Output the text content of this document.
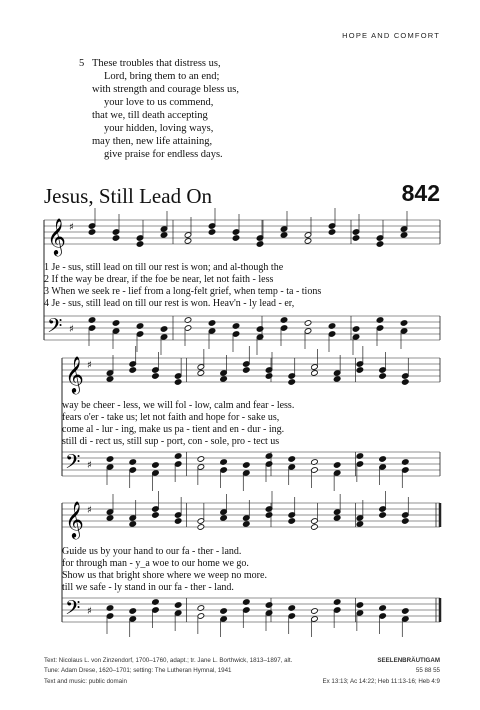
HOPE AND COMFORT
5 These troubles that distress us,
Lord, bring them to an end;
with strength and courage bless us,
your love to us commend,
that we, till death accepting
your hidden, loving ways,
may then, new life attaining,
give praise for endless days.
Jesus, Still Lead On	842
𝄞
𝄢
♯
♯
𝄞
𝄢
♯
♯
𝄞
𝄢
♯
♯
1 Je - sus, still lead on till our rest is won; and al-though the
2 If the way be drear, if the foe be near, let not faith - less
3 When we seek re - lief from a long-felt grief, when temp - ta - tions
4 Je - sus, still lead on till our rest is won. Heav'n - ly lead - er,
way be cheer - less, we will fol - low, calm and fear - less.
fears o'er - take us; let not faith and hope for - sake us,
come al - lur - ing, make us pa - tient and en - dur - ing.
still di - rect us, still sup - port, con - sole, pro - tect us
Guide us by your hand to our fa - ther - land.
for through man - y_a woe to our home we go.
Show us that bright shore where we weep no more.
till we safe - ly stand in our fa - ther - land.
Text: Nicolaus L. von Zinzendorf, 1700–1760, adapt.; tr. Jane L. Borthwick, 1813–1897, alt.
Tune: Adam Drese, 1620–1701; setting: The Lutheran Hymnal, 1941
Text and music: public domain
SEELENBRÄUTIGAM
55 88 55
Ex 13:13; Ac 14:22; Heb 11:13-16; Heb 4:9
